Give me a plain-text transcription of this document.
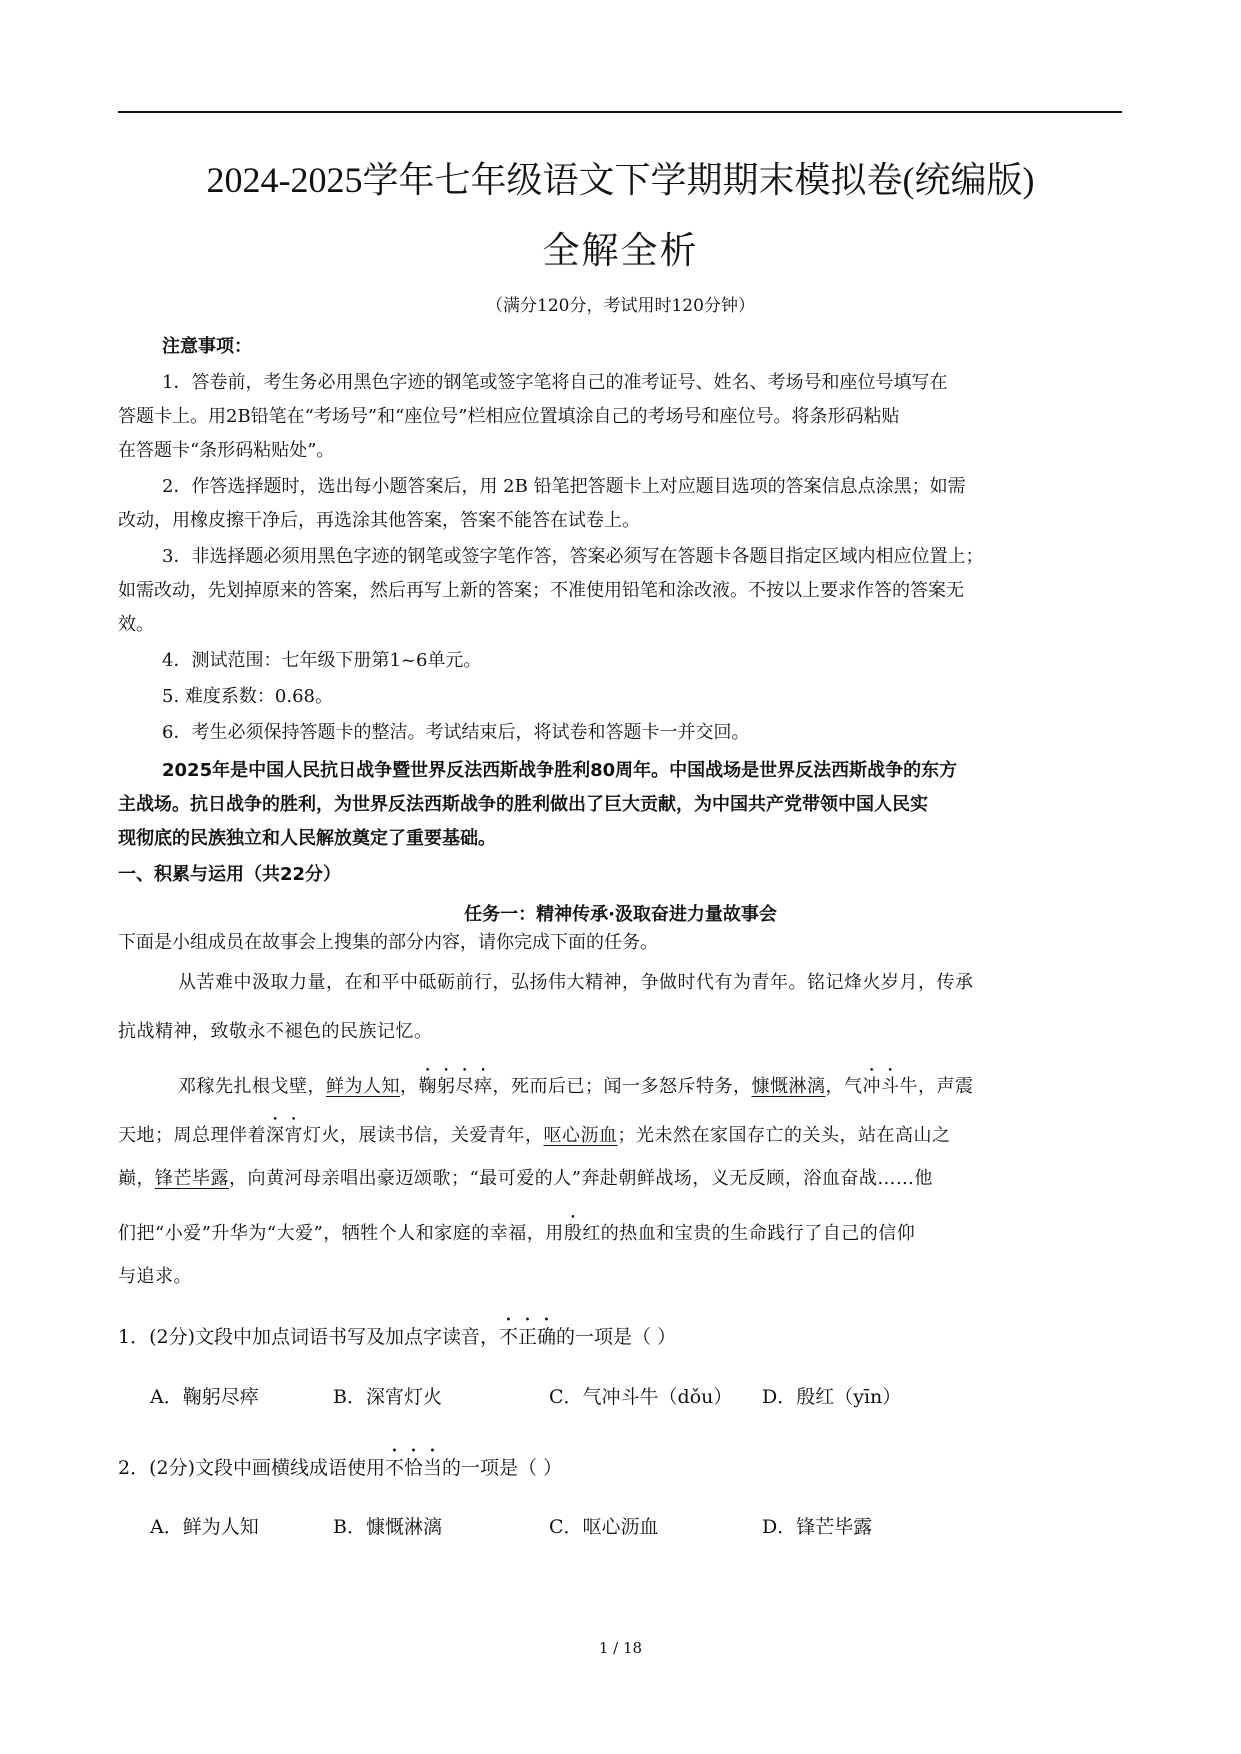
2024-2025学年七年级语文下学期期末模拟卷(统编版)
全解全析
（满分120分，考试用时120分钟）
注意事项：
1．答卷前，考生务必用黑色字迹的钢笔或签字笔将自己的准考证号、姓名、考场号和座位号填写在
答题卡上。用2B铅笔在“考场号”和“座位号”栏相应位置填涂自己的考场号和座位号。将条形码粘贴
在答题卡“条形码粘贴处”。
2．作答选择题时，选出每小题答案后，用 2B 铅笔把答题卡上对应题目选项的答案信息点涂黑；如需
改动，用橡皮擦干净后，再选涂其他答案，答案不能答在试卷上。
3．非选择题必须用黑色字迹的钢笔或签字笔作答，答案必须写在答题卡各题目指定区域内相应位置上；
如需改动，先划掉原来的答案，然后再写上新的答案；不准使用铅笔和涂改液。不按以上要求作答的答案无
效。
4．测试范围：七年级下册第1~6单元。
5. 难度系数：0.68。
6．考生必须保持答题卡的整洁。考试结束后，将试卷和答题卡一并交回。
2025年是中国人民抗日战争暨世界反法西斯战争胜利80周年。中国战场是世界反法西斯战争的东方
主战场。抗日战争的胜利，为世界反法西斯战争的胜利做出了巨大贡献，为中国共产党带领中国人民实
现彻底的民族独立和人民解放奠定了重要基础。
一、积累与运用（共22分）
任务一：精神传承·汲取奋进力量故事会
下面是小组成员在故事会上搜集的部分内容，请你完成下面的任务。
从苦难中汲取力量，在和平中砥砺前行，弘扬伟大精神，争做时代有为青年。铭记烽火岁月，传承
抗战精神，致敬永不褪色的民族记忆。
邓稼先扎根戈壁，鲜为人知，鞠躬尽瘁，死而后已；闻一多怒斥特务，慷慨淋漓，气冲斗牛，声震
天地；周总理伴着深宵灯火，展读书信，关爱青年，呕心沥血；光未然在家国存亡的关头，站在高山之
巅，锋芒毕露，向黄河母亲唱出豪迈颂歌；“最可爱的人”奔赴朝鲜战场，义无反顾，浴血奋战……他
们把“小爱”升华为“大爱”，牺牲个人和家庭的幸福，用殷红的热血和宝贵的生命践行了自己的信仰
与追求。
1．(2分)文段中加点词语书写及加点字读音，不正确的一项是（ ）
A．鞠躬尽瘁	B．深宵灯火	C．气冲斗牛（dǒu） D．殷红（yīn）
2．(2分)文段中画横线成语使用不恰当的一项是（ ）
A．鲜为人知	B．慷慨淋漓	C．呕心沥血	D．锋芒毕露
1 / 18
